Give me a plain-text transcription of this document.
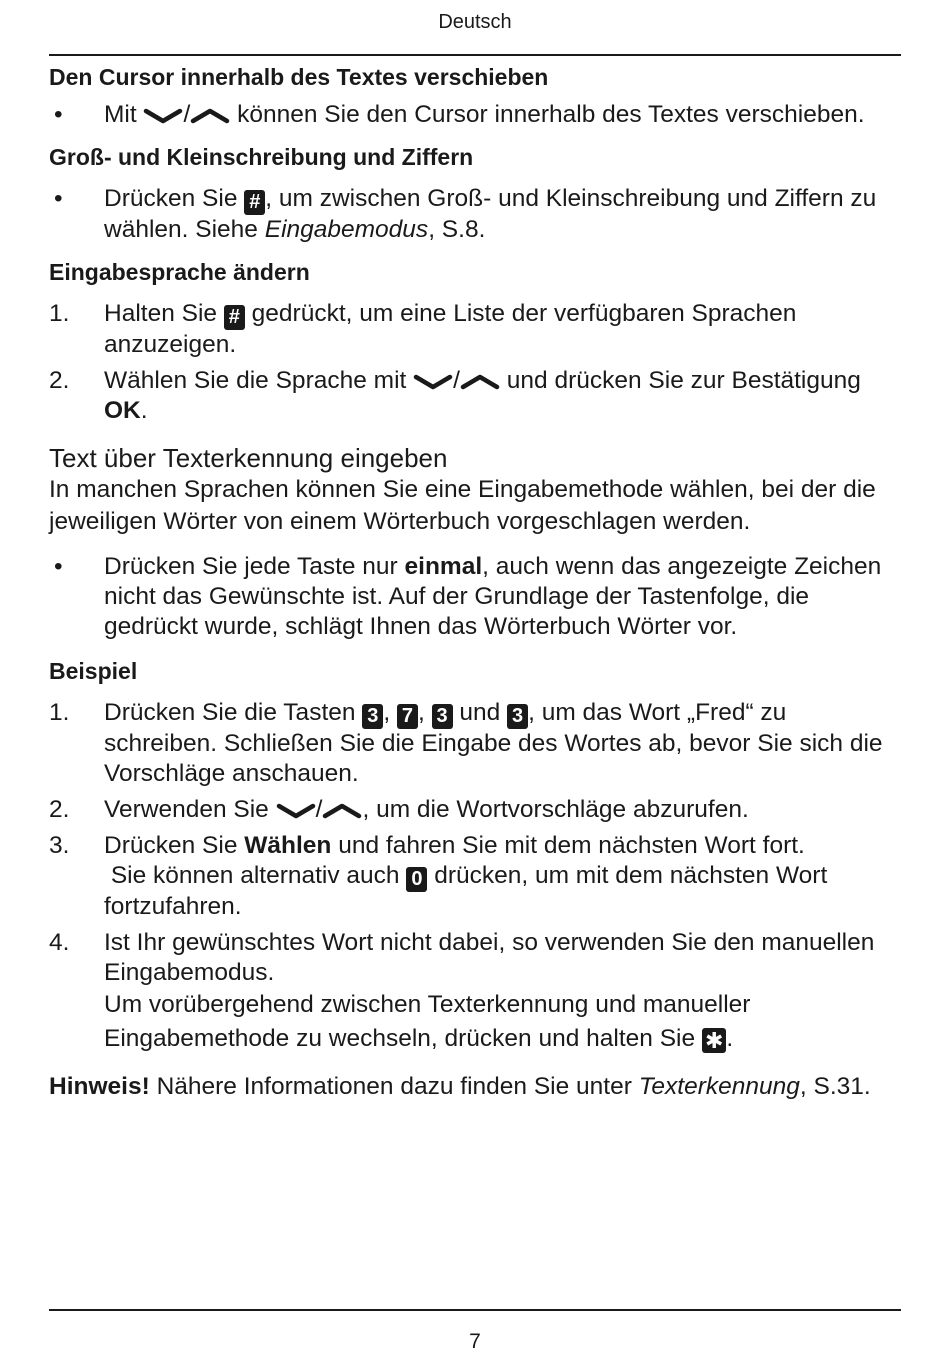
Deutsch
Den Cursor innerhalb des Textes verschieben
•	Mit / können Sie den Cursor innerhalb des Textes verschieben.
Groß- und Kleinschreibung und Ziffern
•	Drücken Sie # , um zwischen Groß- und Kleinschreibung und Ziffern zu wählen. Siehe Eingabemodus, S.8.
Eingabesprache ändern
1.	Halten Sie # gedrückt, um eine Liste der verfügbaren Sprachen anzuzeigen.
2.	Wählen Sie die Sprache mit / und drücken Sie zur Bestätigung OK.
Text über Texterkennung eingeben
In manchen Sprachen können Sie eine Eingabemethode wählen, bei der die jeweiligen Wörter von einem Wörterbuch vorgeschlagen werden.
•	Drücken Sie jede Taste nur einmal, auch wenn das angezeigte Zeichen nicht das Gewünschte ist. Auf der Grundlage der Tastenfolge, die gedrückt wurde, schlägt Ihnen das Wörterbuch Wörter vor.
Beispiel
1.	Drücken Sie die Tasten 3 , 7 , 3 und 3 , um das Wort „Fred“ zu schreiben. Schließen Sie die Eingabe des Wortes ab, bevor Sie sich die Vorschläge anschauen.
2.	Verwenden Sie / , um die Wortvorschläge abzurufen.
3.	Drücken Sie Wählen und fahren Sie mit dem nächsten Wort fort.
Sie können alternativ auch 0 drücken, um mit dem nächsten Wort fortzufahren.
4.	Ist Ihr gewünschtes Wort nicht dabei, so verwenden Sie den manuellen Eingabemodus.
Um vorübergehend zwischen Texterkennung und manueller Eingabemethode zu wechseln, drücken und halten Sie ✱ .
Hinweis! Nähere Informationen dazu finden Sie unter Texterkennung, S.31.
7
